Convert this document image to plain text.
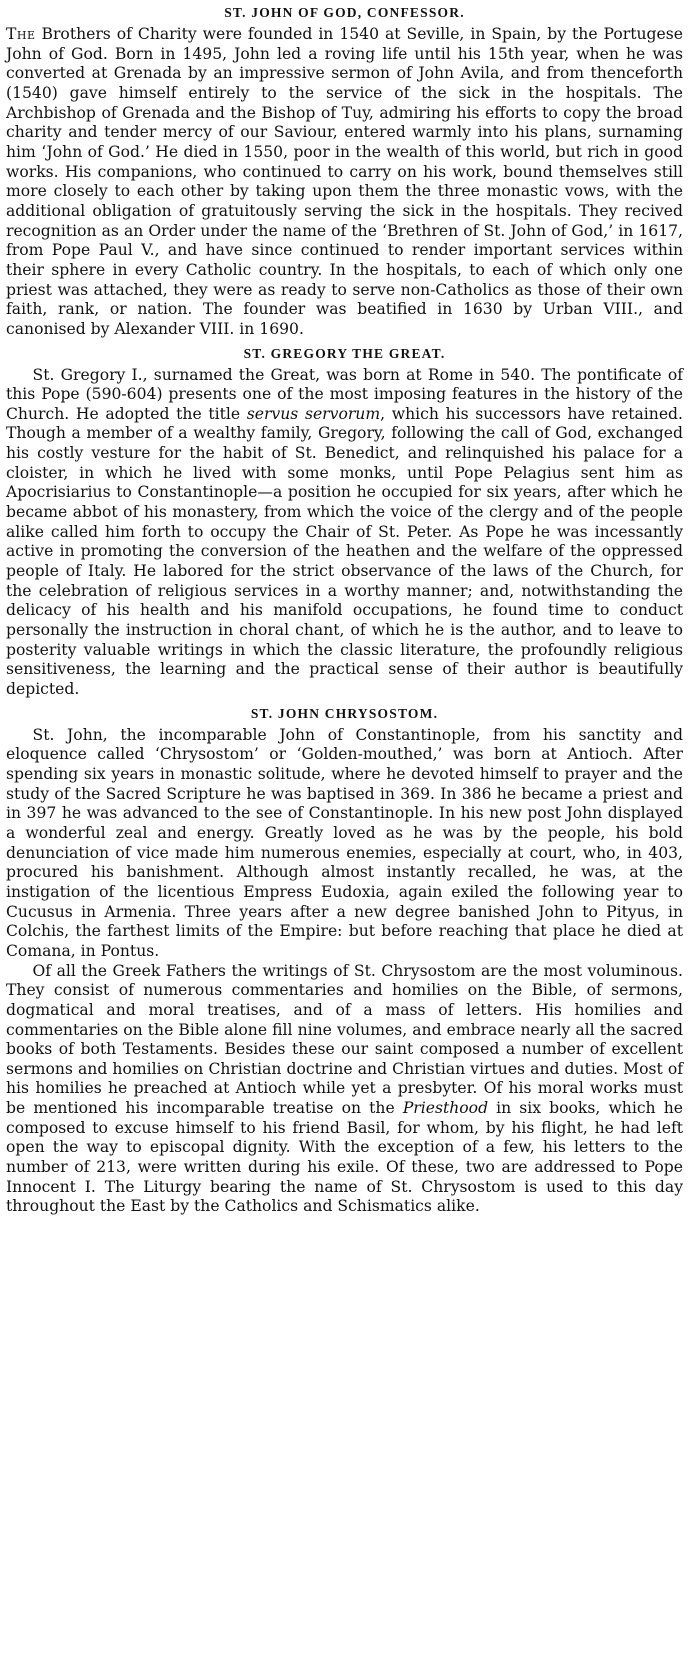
ST. JOHN OF GOD, CONFESSOR.

The Brothers of Charity were founded in 1540 at Seville, in Spain, by the Portugese John of God. Born in 1495, John led a roving life until his 15th year, when he was converted at Grenada by an impressive sermon of John Avila, and from thenceforth (1540) gave himself entirely to the service of the sick in the hospitals. The Archbishop of Grenada and the Bishop of Tuy, admiring his efforts to copy the broad charity and tender mercy of our Saviour, entered warmly into his plans, surnaming him ‘John of God.’ He died in 1550, poor in the wealth of this world, but rich in good works. His companions, who continued to carry on his work, bound themselves still more closely to each other by taking upon them the three monastic vows, with the additional obligation of gratuitously serving the sick in the hospitals. They recived recognition as an Order under the name of the ‘Brethren of St. John of God,’ in 1617, from Pope Paul V., and have since continued to render important services within their sphere in every Catholic country. In the hospitals, to each of which only one priest was attached, they were as ready to serve non-Catholics as those of their own faith, rank, or nation. The founder was beatified in 1630 by Urban VIII., and canonised by Alexander VIII. in 1690.

ST. GREGORY THE GREAT.

St. Gregory I., surnamed the Great, was born at Rome in 540. The pontificate of this Pope (590-604) presents one of the most imposing features in the history of the Church. He adopted the title servus servorum, which his successors have retained. Though a member of a wealthy family, Gregory, following the call of God, exchanged his costly vesture for the habit of St. Benedict, and relinquished his palace for a cloister, in which he lived with some monks, until Pope Pelagius sent him as Apocrisiarius to Constantinople—a position he occupied for six years, after which he became abbot of his monastery, from which the voice of the clergy and of the people alike called him forth to occupy the Chair of St. Peter. As Pope he was incessantly active in promoting the conversion of the heathen and the welfare of the oppressed people of Italy. He labored for the strict observance of the laws of the Church, for the celebration of religious services in a worthy manner; and, notwithstanding the delicacy of his health and his manifold occupations, he found time to conduct personally the instruction in choral chant, of which he is the author, and to leave to posterity valuable writings in which the classic literature, the profoundly religious sensitiveness, the learning and the practical sense of their author is beautifully depicted.

ST. JOHN CHRYSOSTOM.

St. John, the incomparable John of Constantinople, from his sanctity and eloquence called ‘Chrysostom’ or ‘Golden-mouthed,’ was born at Antioch. After spending six years in monastic solitude, where he devoted himself to prayer and the study of the Sacred Scripture he was baptised in 369. In 386 he became a priest and in 397 he was advanced to the see of Constantinople. In his new post John displayed a wonderful zeal and energy. Greatly loved as he was by the people, his bold denunciation of vice made him numerous enemies, especially at court, who, in 403, procured his banishment. Although almost instantly recalled, he was, at the instigation of the licentious Empress Eudoxia, again exiled the following year to Cucusus in Armenia. Three years after a new degree banished John to Pityus, in Colchis, the farthest limits of the Empire: but before reaching that place he died at Comana, in Pontus.

Of all the Greek Fathers the writings of St. Chrysostom are the most voluminous. They consist of numerous commentaries and homilies on the Bible, of sermons, dogmatical and moral treatises, and of a mass of letters. His homilies and commentaries on the Bible alone fill nine volumes, and embrace nearly all the sacred books of both Testaments. Besides these our saint composed a number of excellent sermons and homilies on Christian doctrine and Christian virtues and duties. Most of his homilies he preached at Antioch while yet a presbyter. Of his moral works must be mentioned his incomparable treatise on the Priesthood in six books, which he composed to excuse himself to his friend Basil, for whom, by his flight, he had left open the way to episcopal dignity. With the exception of a few, his letters to the number of 213, were written during his exile. Of these, two are addressed to Pope Innocent I. The Liturgy bearing the name of St. Chrysostom is used to this day throughout the East by the Catholics and Schismatics alike.
